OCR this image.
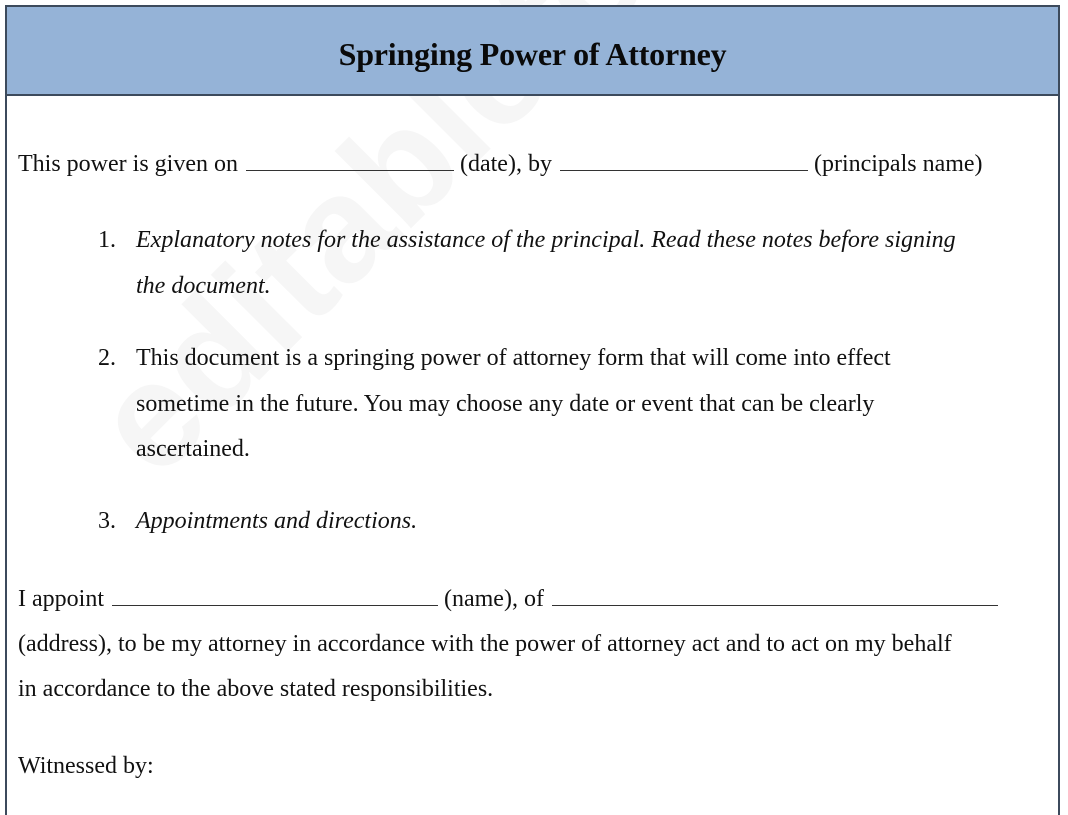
Springing Power of Attorney
This power is given on	(date), by	(principals name)
1. Explanatory notes for the assistance of the principal. Read these notes before signing
the document.
2. This document is a springing power of attorney form that will come into effect
sometime in the future. You may choose any date or event that can be clearly
ascertained.
3. Appointments and directions.
I appoint	(name), of
(address), to be my attorney in accordance with the power of attorney act and to act on my behalf
in accordance to the above stated responsibilities.
Witnessed by:
